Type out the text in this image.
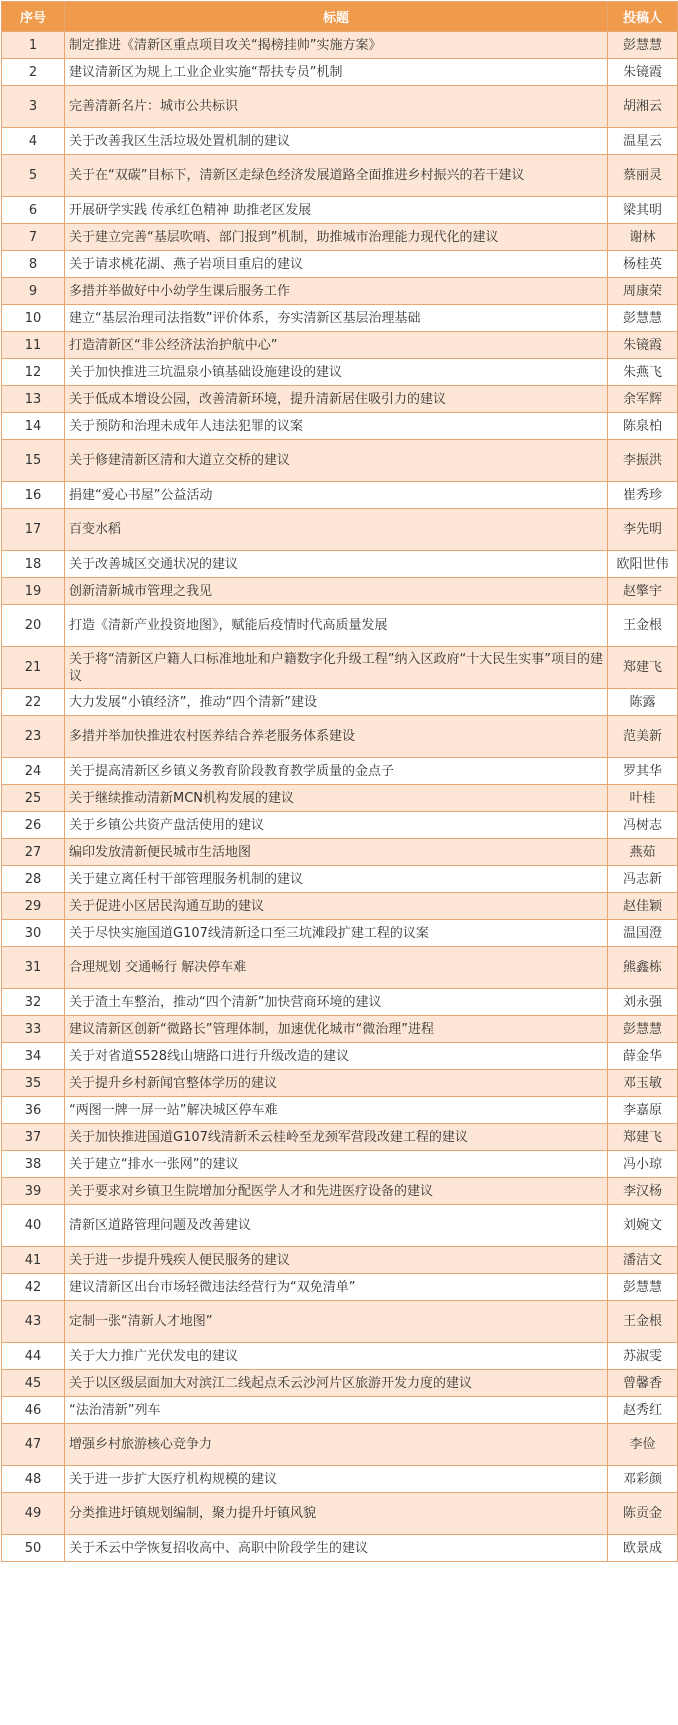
序号	标题	投稿人
1	制定推进《清新区重点项目攻关“揭榜挂帅”实施方案》	彭慧慧
2	建议清新区为规上工业企业实施“帮扶专员”机制	朱镜霞
3	完善清新名片：城市公共标识	胡湘云
4	关于改善我区生活垃圾处置机制的建议	温星云
5	关于在“双碳”目标下，清新区走绿色经济发展道路全面推进乡村振兴的若干建议	蔡丽灵
6	开展研学实践 传承红色精神 助推老区发展	梁其明
7	关于建立完善“基层吹哨、部门报到”机制，助推城市治理能力现代化的建议	谢林
8	关于请求桃花湖、燕子岩项目重启的建议	杨桂英
9	多措并举做好中小幼学生课后服务工作	周康荣
10	建立“基层治理司法指数”评价体系，夯实清新区基层治理基础	彭慧慧
11	打造清新区“非公经济法治护航中心”	朱镜霞
12	关于加快推进三坑温泉小镇基础设施建设的建议	朱燕飞
13	关于低成本增设公园，改善清新环境，提升清新居住吸引力的建议	余军辉
14	关于预防和治理未成年人违法犯罪的议案	陈泉柏
15	关于修建清新区清和大道立交桥的建议	李振洪
16	捐建“爱心书屋”公益活动	崔秀珍
17	百变水稻	李先明
18	关于改善城区交通状况的建议	欧阳世伟
19	创新清新城市管理之我见	赵擎宇
20	打造《清新产业投资地图》，赋能后疫情时代高质量发展	王金根
21	关于将“清新区户籍人口标准地址和户籍数字化升级工程”纳入区政府“十大民生实事”项目的建议	郑建飞
22	大力发展“小镇经济”，推动“四个清新”建设	陈露
23	多措并举加快推进农村医养结合养老服务体系建设	范美新
24	关于提高清新区乡镇义务教育阶段教育教学质量的金点子	罗其华
25	关于继续推动清新MCN机构发展的建议	叶桂
26	关于乡镇公共资产盘活使用的建议	冯树志
27	编印发放清新便民城市生活地图	燕茹
28	关于建立离任村干部管理服务机制的建议	冯志新
29	关于促进小区居民沟通互助的建议	赵佳颖
30	关于尽快实施国道G107线清新迳口至三坑滩段扩建工程的议案	温国澄
31	合理规划 交通畅行 解决停车难	熊鑫栋
32	关于渣土车整治，推动“四个清新”加快营商环境的建议	刘永强
33	建议清新区创新“微路长”管理体制，加速优化城市“微治理”进程	彭慧慧
34	关于对省道S528线山塘路口进行升级改造的建议	薛金华
35	关于提升乡村新闻官整体学历的建议	邓玉敏
36	“两图一牌一屏一站”解决城区停车难	李嘉原
37	关于加快推进国道G107线清新禾云桂岭至龙颈军营段改建工程的建议	郑建飞
38	关于建立“排水一张网”的建议	冯小琼
39	关于要求对乡镇卫生院增加分配医学人才和先进医疗设备的建议	李汉杨
40	清新区道路管理问题及改善建议	刘婉文
41	关于进一步提升残疾人便民服务的建议	潘洁文
42	建议清新区出台市场轻微违法经营行为“双免清单”	彭慧慧
43	定制一张“清新人才地图”	王金根
44	关于大力推广光伏发电的建议	苏淑雯
45	关于以区级层面加大对滨江二线起点禾云沙河片区旅游开发力度的建议	曾馨香
46	“法治清新”列车	赵秀红
47	增强乡村旅游核心竞争力	李俭
48	关于进一步扩大医疗机构规模的建议	邓彩颜
49	分类推进圩镇规划编制，聚力提升圩镇风貌	陈贡金
50	关于禾云中学恢复招收高中、高职中阶段学生的建议	欧景成
